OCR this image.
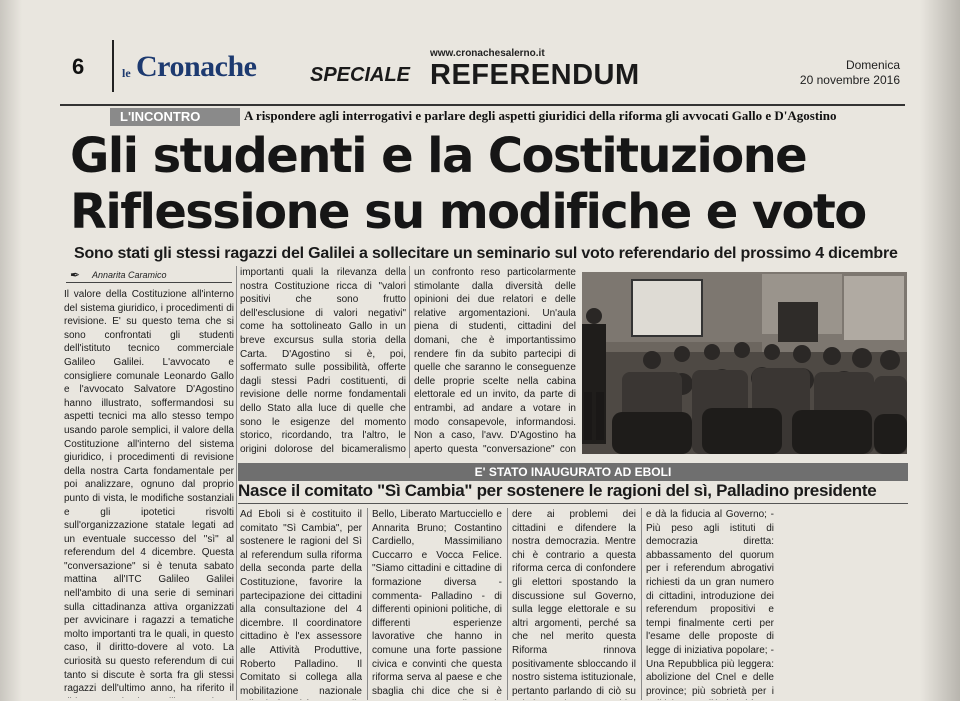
6	le Cronache	www.cronachesalerno.it
SPECIALE REFERENDUM	Domenica
20 novembre 2016
L'INCONTRO	A rispondere agli interrogativi e parlare degli aspetti giuridici della riforma gli avvocati Gallo e D'Agostino
Gli studenti e la Costituzione
Riflessione su modifiche e voto
Sono stati gli stessi ragazzi del Galilei a sollecitare un seminario sul voto referendario del prossimo 4 dicembre
✒ Annarita Caramico

Il valore della Costituzione all'interno del sistema giuridico, i procedimenti di revisione. E' su questo tema che si sono confrontati gli studenti dell'istituto tecnico commerciale Galileo Galilei. L'avvocato e consigliere comunale Leonardo Gallo e l'avvocato Salvatore D'Agostino hanno illustrato, soffermandosi su aspetti tecnici ma allo stesso tempo usando parole semplici, il valore della Costituzione all'interno del sistema giuridico, i procedimenti di revisione della nostra Carta fondamentale per poi analizzare, ognuno dal proprio punto di vista, le modifiche sostanziali e gli ipotetici risvolti sull'organizzazione statale legati ad un eventuale successo del "sì" al referendum del 4 dicembre. Questa "conversazione" si è tenuta sabato mattina all'ITC Galileo Galilei nell'ambito di una serie di seminari sulla cittadinanza attiva organizzati per avvicinare i ragazzi a tematiche molto importanti tra le quali, in questo caso, il diritto-dovere al voto. La curiosità su questo referendum di cui tanto si discute è sorta fra gli stessi ragazzi dell'ultimo anno, ha riferito il

importanti quali la rilevanza della nostra Costituzione ricca di "valori positivi che sono frutto dell'esclusione di valori negativi" come ha sottolineato Gallo in un breve excursus sulla storia della Carta. D'Agostino si è, poi, soffermato sulle possibilità, offerte dagli stessi Padri costituenti, di revisione delle norme fondamentali dello Stato alla luce di quelle che sono le esigenze del momento storico, ricordando, tra l'altro, le origini dolorose del bicameralismo

un confronto reso particolarmente stimolante dalla diversità delle opinioni dei due relatori e delle relative argomentazioni. Un'aula piena di studenti, cittadini del domani, che è importantissimo rendere fin da subito partecipi di quelle che saranno le conseguenze delle proprie scelte nella cabina elettorale ed un invito, da parte di entrambi, ad andare a votare in modo consapevole, informandosi. Non a caso, l'avv. D'Agostino ha aperto questa "conversazione" con

E' STATO INAUGURATO AD EBOLI
Nasce il comitato "Sì Cambia" per sostenere le ragioni del sì, Palladino presidente

Ad Eboli si è costituito il comitato "Sì Cambia", per sostenere le ragioni del Sì al referendum sulla riforma della seconda parte della Costituzione, favorire la partecipazione dei cittadini alla consultazione del 4 dicembre. Il coordinatore cittadino è l'ex assessore alle Attività Produttive, Roberto Palladino. Il Comitato si collega alla mobilitazione nazionale

Bello, Liberato Martucciello e Annarita Bruno; Costantino Cardiello, Massimiliano Cuccarro e Vocca Felice. "Siamo cittadini e cittadine di formazione diversa - commenta- Palladino - di differenti opinioni politiche, di differenti esperienze lavorative che hanno in comune una forte passione civica e convinti che questa riforma serva al paese e che sbaglia chi dice che si è

dere ai problemi dei cittadini e difendere la nostra democrazia. Mentre chi è contrario a questa riforma cerca di confondere gli elettori spostando la discussione sul Governo, sulla legge elettorale e su altri argomenti, perché sa che nel merito questa Riforma rinnova positivamente sbloccando il nostro sistema istituzionale, pertanto parlando di ciò su

e dà la fiducia al Governo; - Più peso agli istituti di democrazia diretta: abbassamento del quorum per i referendum abrogativi richiesti da un gran numero di cittadini, introduzione dei referendum propositivi e tempi finalmente certi per l'esame delle proposte di legge di iniziativa popolare; - Una Repubblica più leggera: abolizione del Cnel e delle province; più sobrietà per i
